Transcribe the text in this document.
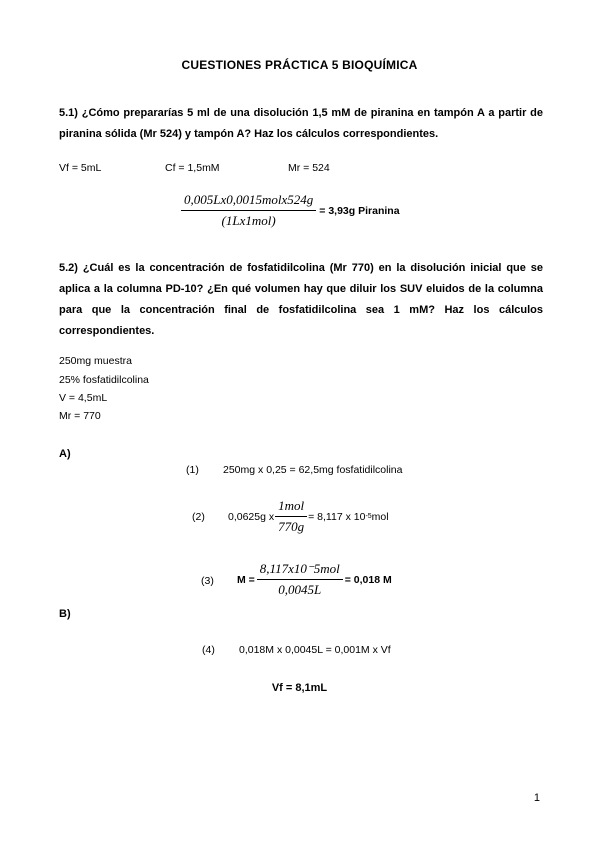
CUESTIONES PRÁCTICA 5 BIOQUÍMICA
5.1) ¿Cómo prepararías 5 ml de una disolución 1,5 mM de piranina en tampón A a partir de piranina sólida (Mr 524) y tampón A? Haz los cálculos correspondientes.
Vf = 5mL	Cf = 1,5mM	Mr = 524
$\frac{\text{0,005Lx0,0015molx524g}}{\text{(1Lx1mol)}} = 3,93g$ Piranina
5.2) ¿Cuál es la concentración de fosfatidilcolina (Mr 770) en la disolución inicial que se aplica a la columna PD-10? ¿En qué volumen hay que diluir los SUV eluidos de la columna para que la concentración final de fosfatidilcolina sea 1 mM? Haz los cálculos correspondientes.
250mg muestra
25% fosfatidilcolina
V = 4,5mL
Mr = 770
A)
(1) 250mg x 0,25 = 62,5mg fosfatidilcolina
(2) 0,0625g x $\frac{\text{1mol}}{770g} = 8,117$ x 10 -5 mol
(3) $M = \frac{\text{8,117x10⁻5mol}}{0,0045L} = 0,018$ M
B)
(4) 0,018M x 0,0045L = 0,001M x Vf
Vf = 8,1mL
1
